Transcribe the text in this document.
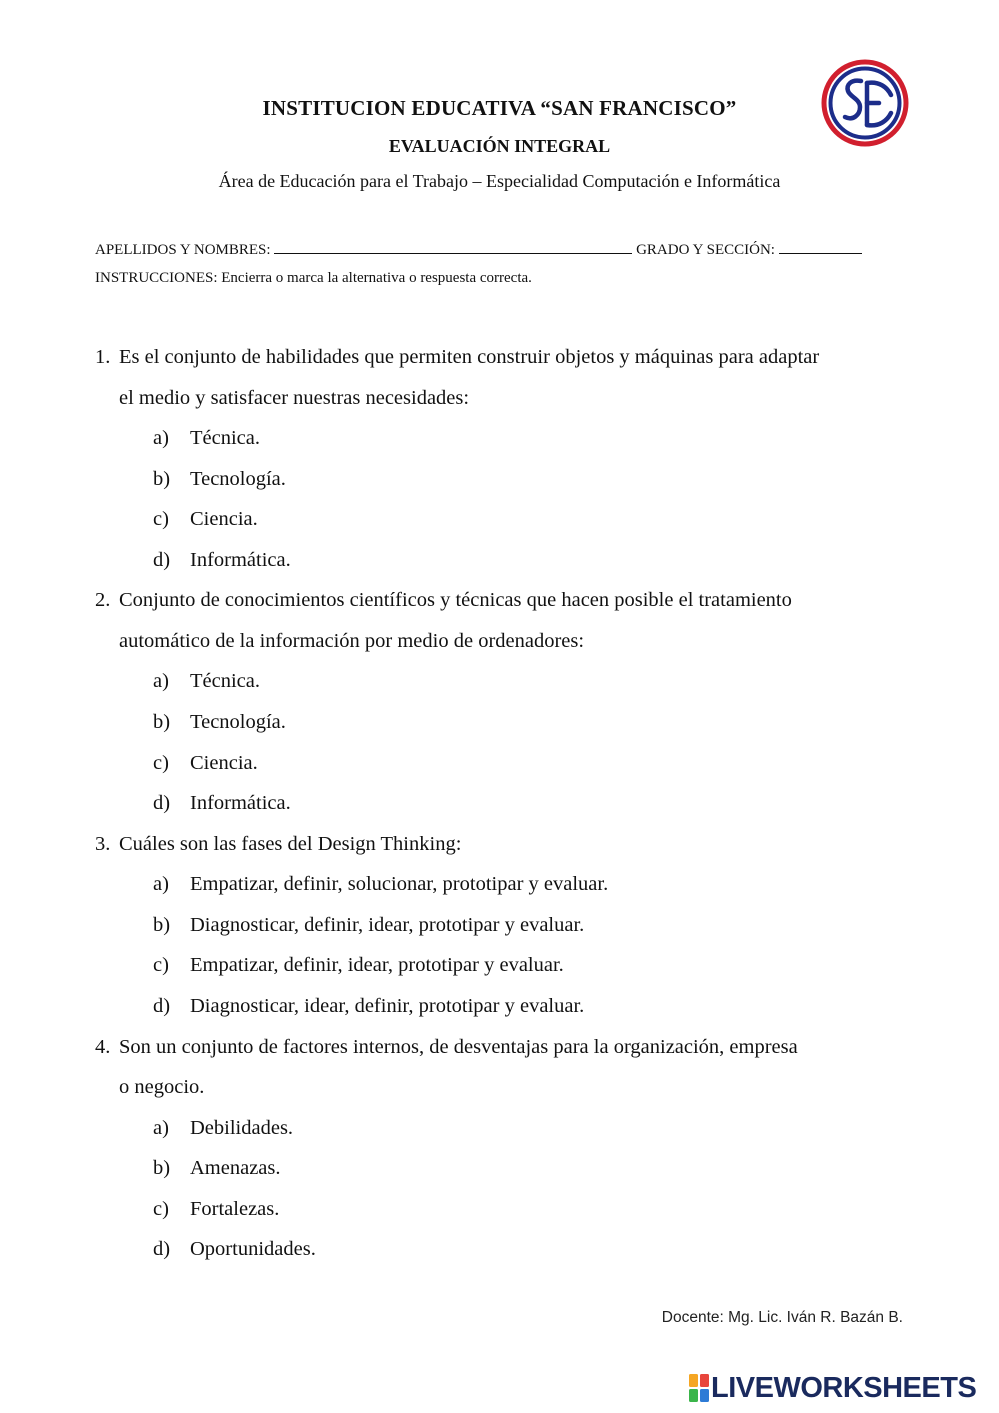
INSTITUCION EDUCATIVA “SAN FRANCISCO”
EVALUACIÓN INTEGRAL
Área de Educación para el Trabajo – Especialidad Computación e Informática
APELLIDOS Y NOMBRES:	GRADO Y SECCIÓN:
INSTRUCCIONES: Encierra o marca la alternativa o respuesta correcta.
1. Es el conjunto de habilidades que permiten construir objetos y máquinas para adaptar
el medio y satisfacer nuestras necesidades:
a) Técnica.
b) Tecnología.
c) Ciencia.
d) Informática.
2. Conjunto de conocimientos científicos y técnicas que hacen posible el tratamiento
automático de la información por medio de ordenadores:
a) Técnica.
b) Tecnología.
c) Ciencia.
d) Informática.
3. Cuáles son las fases del Design Thinking:
a) Empatizar, definir, solucionar, prototipar y evaluar.
b) Diagnosticar, definir, idear, prototipar y evaluar.
c) Empatizar, definir, idear, prototipar y evaluar.
d) Diagnosticar, idear, definir, prototipar y evaluar.
4. Son un conjunto de factores internos, de desventajas para la organización, empresa
o negocio.
a) Debilidades.
b) Amenazas.
c) Fortalezas.
d) Oportunidades.
Docente: Mg. Lic. Iván R. Bazán B.
LIVEWORKSHEETS
